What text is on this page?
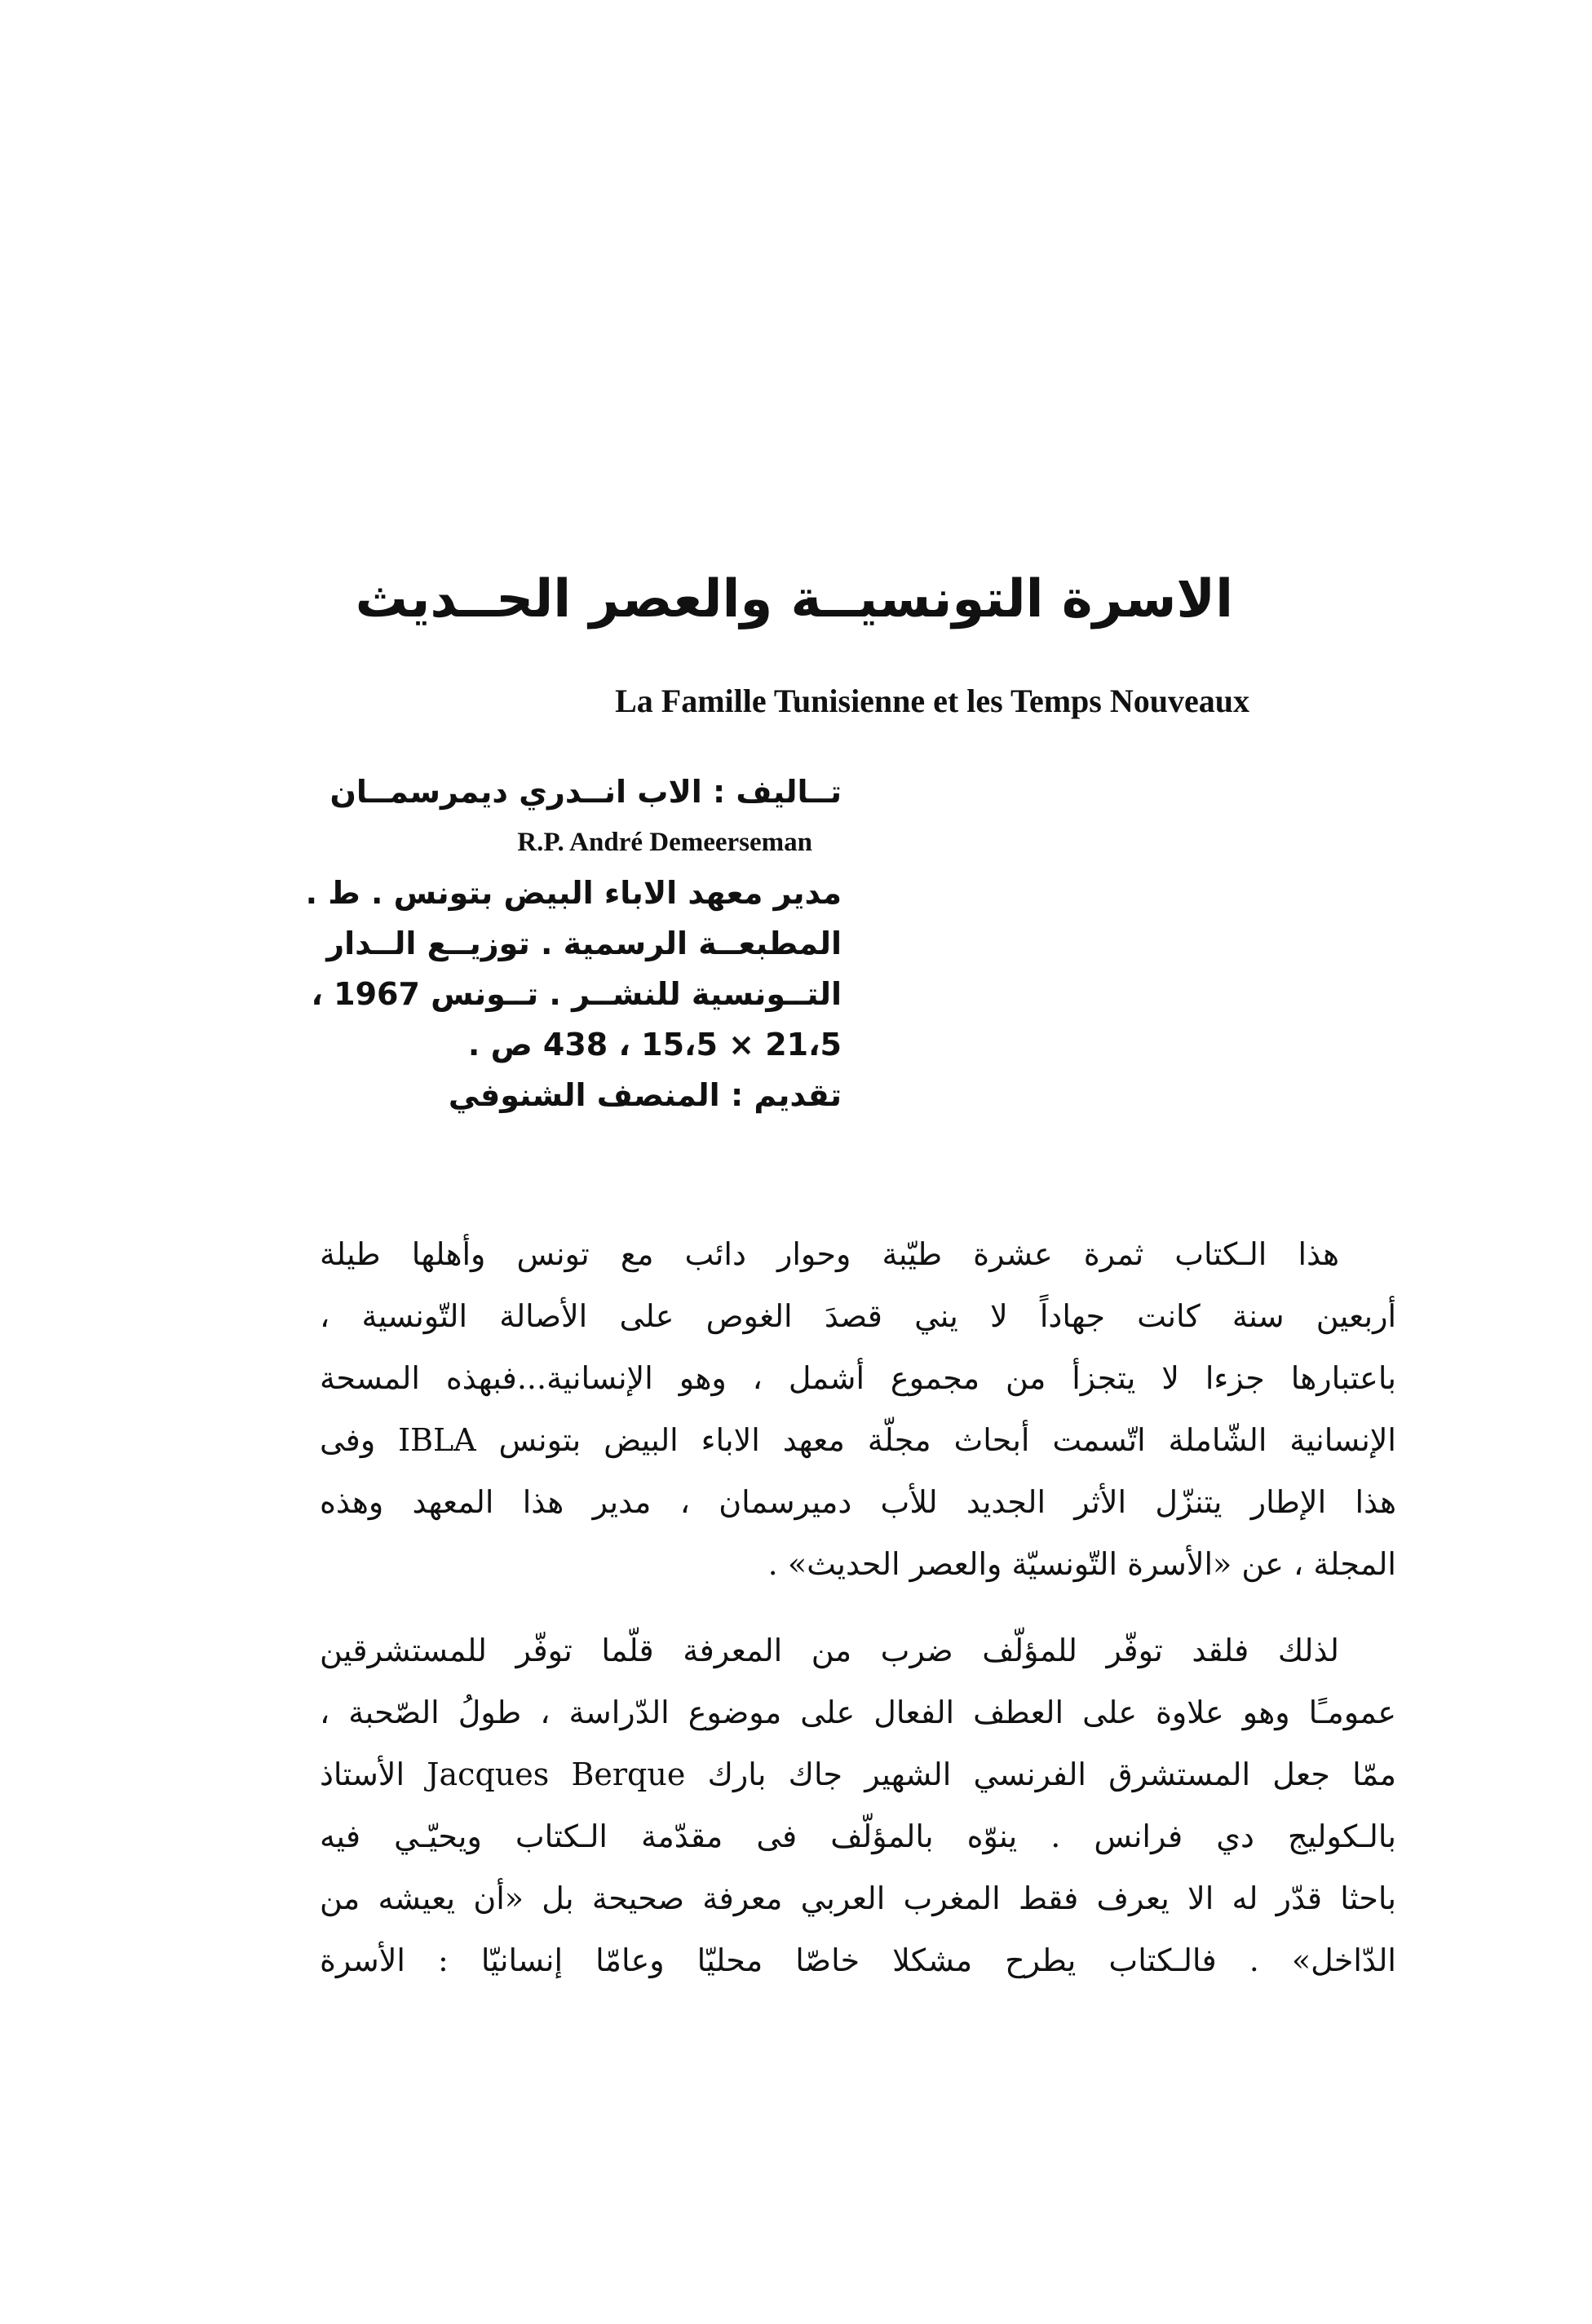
الاسرة التونسيــة والعصر الحــديث
La Famille Tunisienne et les Temps Nouveaux
تــاليف : الاب انــدري ديمرسمــان
R.P. André Demeerseman
مدير معهد الاباء البيض بتونس . ط .
المطبعــة الرسمية . توزيــع الــدار
التــونسية للنشــر . تــونس 1967 ،
21،5 × 15،5 ، 438 ص .
تقديم : المنصف الشنوفي

هذا الـكتاب ثمرة عشرة طيّبة وحوار دائب مع تونس وأهلها طيلة
أربعين سنة كانت جهاداً لا يني قصدَ الغوص على الأصالة التّونسية ،
باعتبارها جزءا لا يتجزأ من مجموع أشمل ، وهو الإنسانية...فبهذه المسحة
الإنسانية الشّاملة اتّسمت أبحاث مجلّة معهد الاباء البيض بتونس IBLA وفى
هذا الإطار يتنزّل الأثر الجديد للأب دميرسمان ، مدير هذا المعهد وهذه
المجلة ، عن «الأسرة التّونسيّة والعصر الحديث» .

لذلك فلقد توفّر للمؤلّف ضرب من المعرفة قلّما توفّر للمستشرقين
عمومـًا وهو علاوة على العطف الفعال على موضوع الدّراسة ، طولُ الصّحبة ،
ممّا جعل المستشرق الفرنسي الشهير جاك بارك Jacques Berque الأستاذ
بالـكوليج دي فرانس . ينوّه بالمؤلّف فى مقدّمة الـكتاب ويحيّـي فيه
باحثا قدّر له الا يعرف فقط المغرب العربي معرفة صحيحة بل «أن يعيشه من
الدّاخل» . فالـكتاب يطرح مشكلا خاصّا محليّا وعامّا إنسانيّا : الأسرة
